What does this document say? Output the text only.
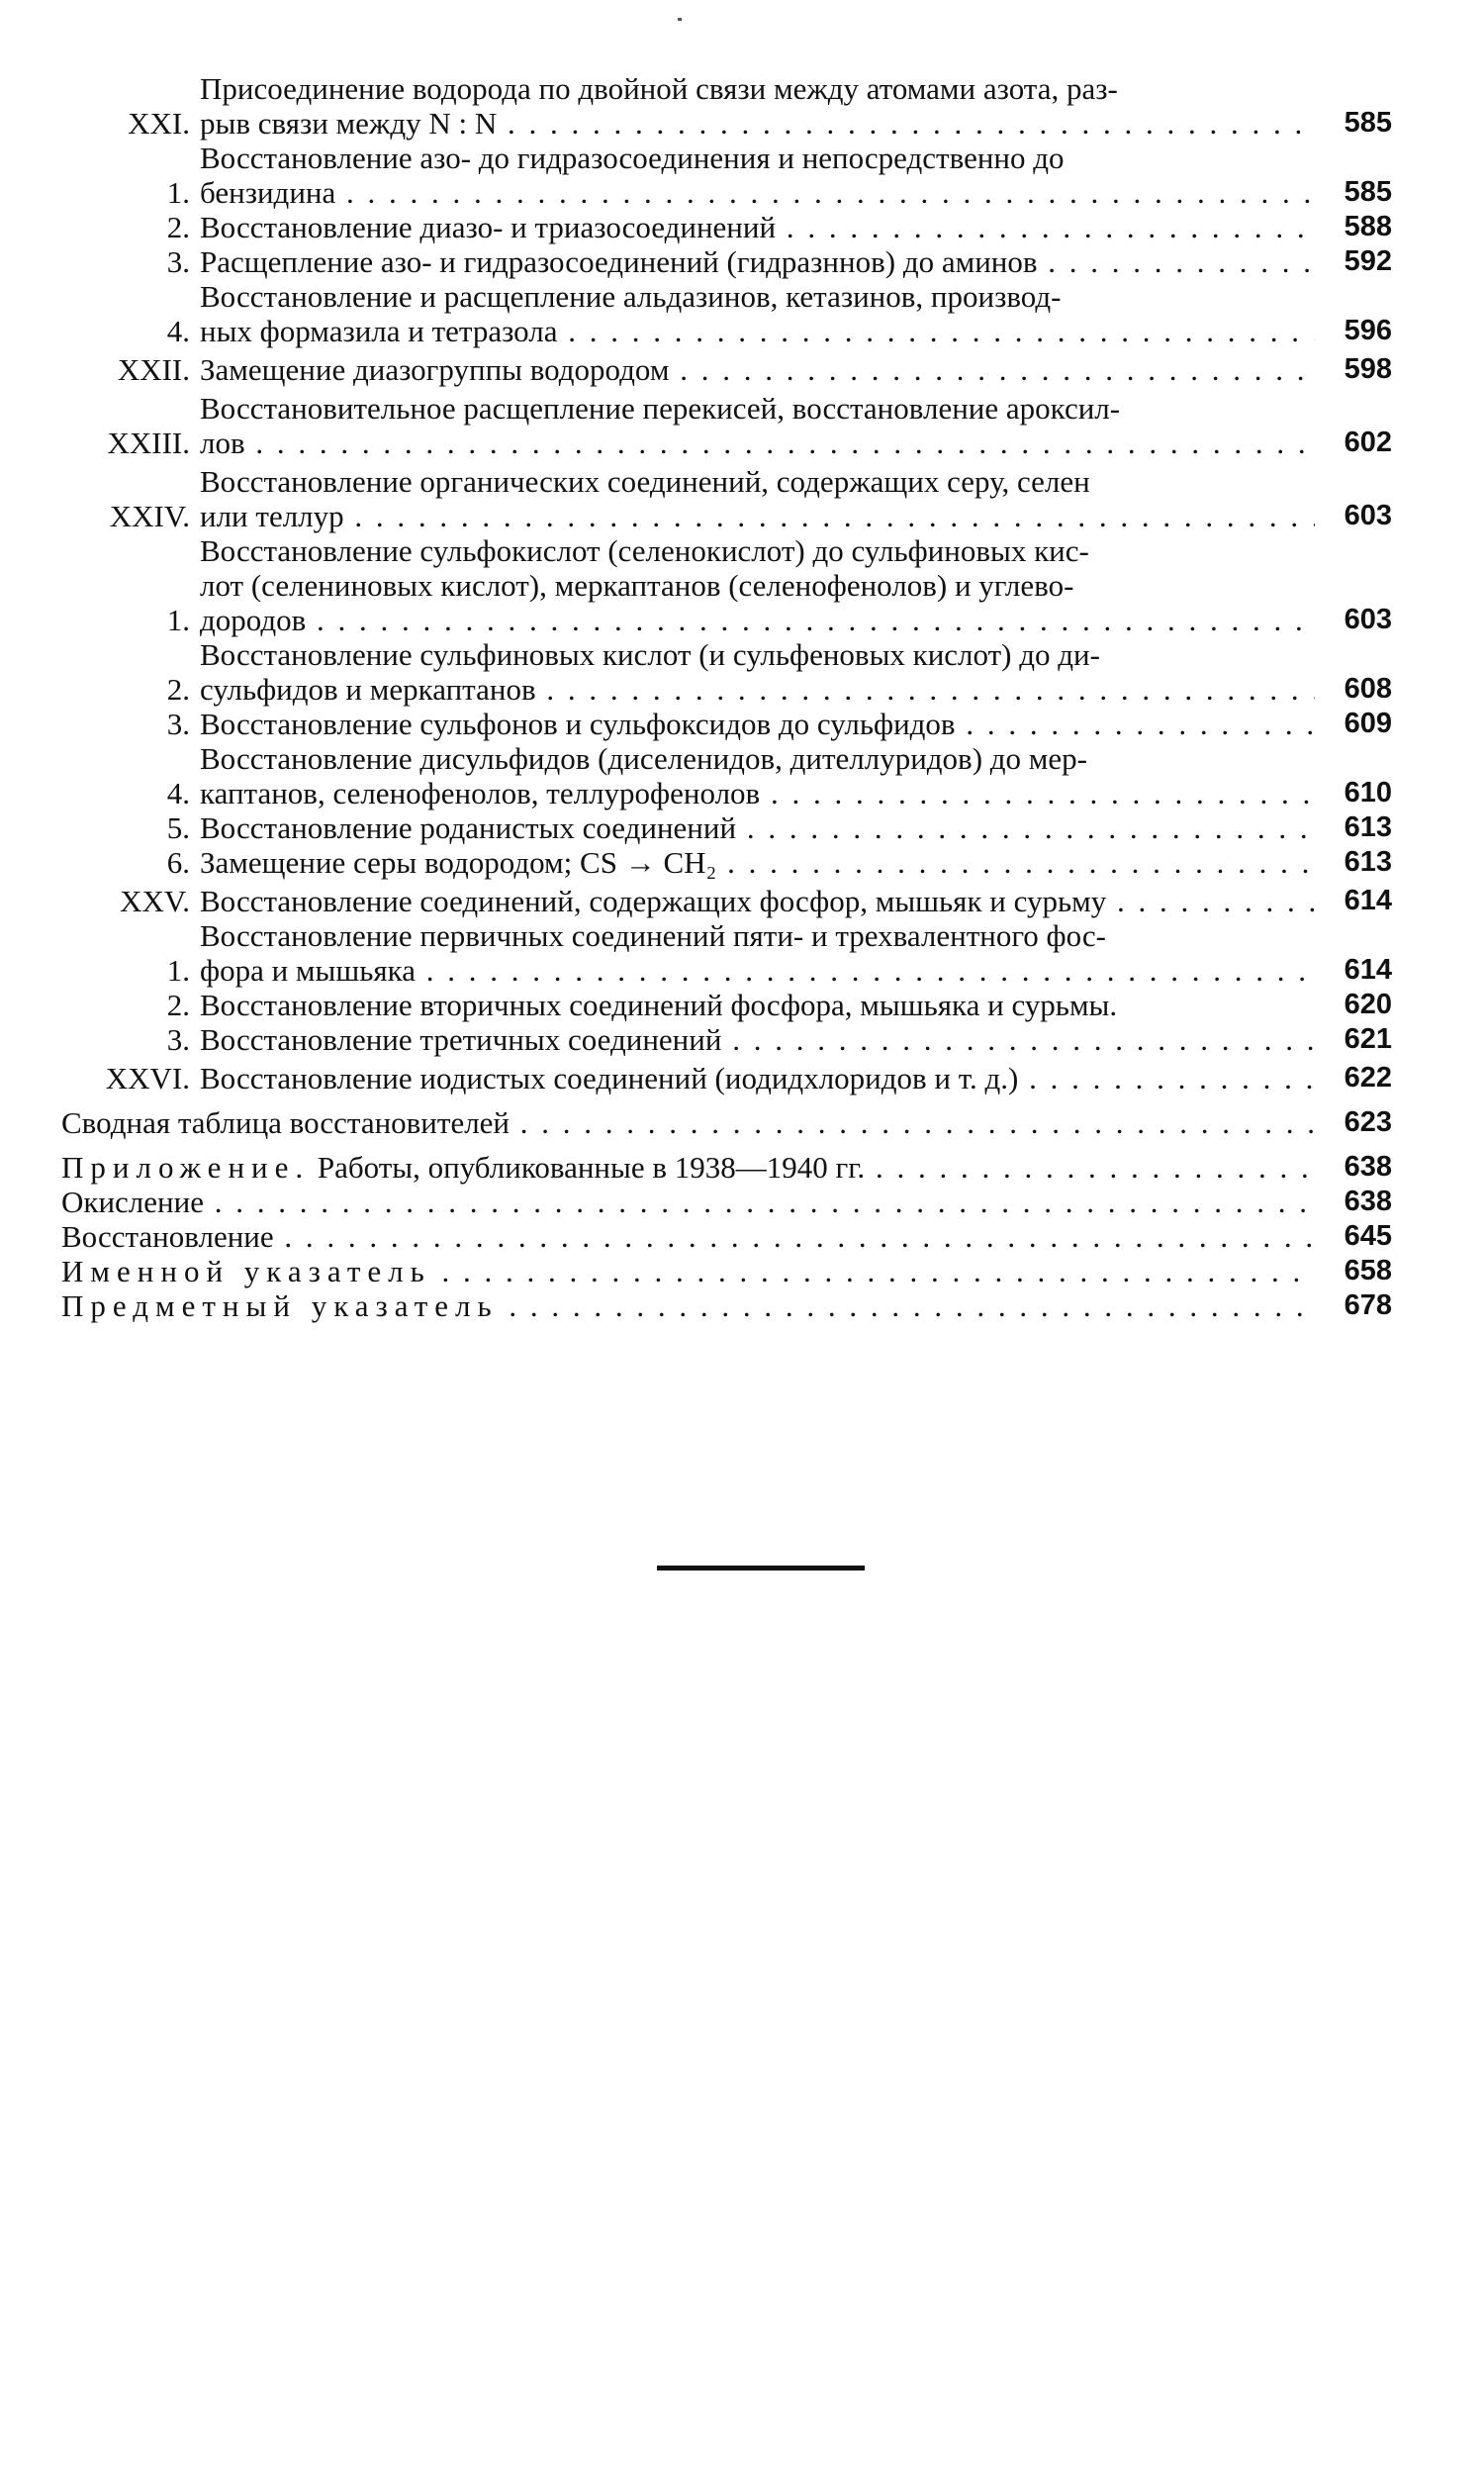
XXI.
Присоединение водорода по двойной связи между атомами азота, раз-
рыв связи между N : N . . .	585
1.
Восстановление азо- до гидразосоединения и непосредственно до
бензидина . . .	585
2. Восстановление диазо- и триазосоединений . . .	588
3. Расщепление азо- и гидразосоединений (гидразннов) до аминов . . .	592
4.
Восстановление и расщепление альдазинов, кетазинов, производ-
ных формазила и тетразола . . .	596
XXII. Замещение диазогруппы водородом . . .	598
XXIII.
Восстановительное расщепление перекисей, восстановление ароксил-
лов . . .	602
XXIV.
Восстановление органических соединений, содержащих серу, селен
или теллур . . .	603
1.
Восстановление сульфокислот (селенокислот) до сульфиновых кис-
лот (селениновых кислот), меркаптанов (селенофенолов) и углево-
дородов . . .	603
2.
Восстановление сульфиновых кислот (и сульфеновых кислот) до ди-
сульфидов и меркаптанов . . .	608
3. Восстановление сульфонов и сульфоксидов до сульфидов . . .	609
4.
Восстановление дисульфидов (диселенидов, дителлуридов) до мер-
каптанов, селенофенолов, теллурофенолов . . .	610
5. Восстановление роданистых соединений . . .	613
6. Замещение серы водородом; CS → CH₂ . . .	613
XXV. Восстановление соединений, содержащих фосфор, мышьяк и сурьму . . .	614
1.
Восстановление первичных соединений пяти- и трехвалентного фос-
фора и мышьяка . . .	614
2. Восстановление вторичных соединений фосфора, мышьяка и сурьмы.	620
3. Восстановление третичных соединений . . .	621
XXVI. Восстановление иодистых соединений (иодидхлоридов и т. д.) . . .	622
Сводная таблица восстановителей . . .	623
Приложение. Работы, опубликованные в 1938—1940 гг. . . .	638
Окисление . . .	638
Восстановление . . .	645
Именной указатель . . .	658
Предметный указатель . . .	678
